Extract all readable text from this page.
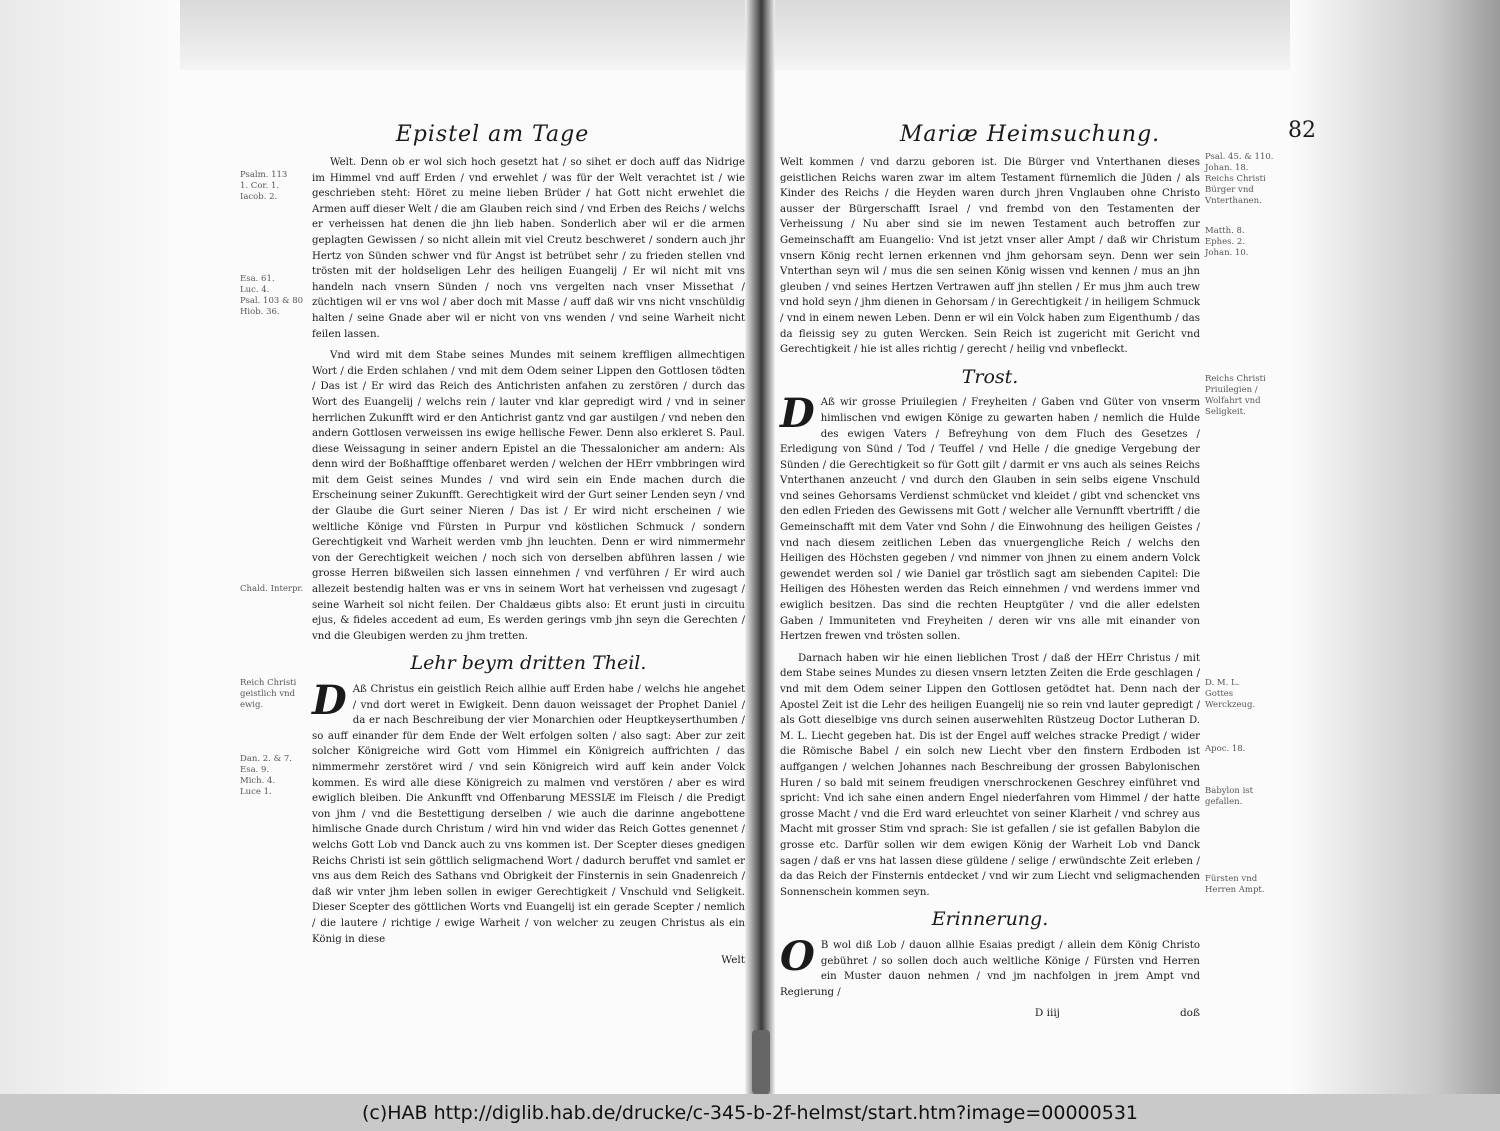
Epistel am Tage
Psalm. 113
1. Cor. 1.
Iacob. 2.
Esa. 61.
Luc. 4.
Psal. 103 & 80
Hiob. 36.
Chald. Interpr.
Reich Christi geistlich vnd ewig.
Dan. 2. & 7.
Esa. 9.
Mich. 4.
Luce 1.

Welt. Denn ob er wol sich hoch gesetzt hat / so sihet er doch auff das Nidrige im Himmel vnd auff Erden / vnd erwehlet / was für der Welt verachtet ist / wie geschrieben steht: Höret zu meine lieben Brüder / hat Gott nicht erwehlet die Armen auff dieser Welt / die am Glauben reich sind / vnd Erben des Reichs / welchs er verheissen hat denen die jhn lieb haben. Sonderlich aber wil er die armen geplagten Gewissen / so nicht allein mit viel Creutz beschweret / sondern auch jhr Hertz von Sünden schwer vnd für Angst ist betrübet sehr / zu frieden stellen vnd trösten mit der holdseligen Lehr des heiligen Euangelij / Er wil nicht mit vns handeln nach vnsern Sünden / noch vns vergelten nach vnser Missethat / züchtigen wil er vns wol / aber doch mit Masse / auff daß wir vns nicht vnschüldig halten / seine Gnade aber wil er nicht von vns wenden / vnd seine Warheit nicht feilen lassen.

Vnd wird mit dem Stabe seines Mundes mit seinem kreffligen allmechtigen Wort / die Erden schlahen / vnd mit dem Odem seiner Lippen den Gottlosen tödten / Das ist / Er wird das Reich des Antichristen anfahen zu zerstören / durch das Wort des Euangelij / welchs rein / lauter vnd klar gepredigt wird / vnd in seiner herrlichen Zukunfft wird er den Antichrist gantz vnd gar austilgen / vnd neben den andern Gottlosen verweissen ins ewige hellische Fewer. Denn also erkleret S. Paul. diese Weissagung in seiner andern Epistel an die Thessalonicher am andern: Als denn wird der Boßhafftige offenbaret werden / welchen der HErr vmbbringen wird mit dem Geist seines Mundes / vnd wird sein ein Ende machen durch die Erscheinung seiner Zukunfft. Gerechtigkeit wird der Gurt seiner Lenden seyn / vnd der Glaube die Gurt seiner Nieren / Das ist / Er wird nicht erscheinen / wie weltliche Könige vnd Fürsten in Purpur vnd köstlichen Schmuck / sondern Gerechtigkeit vnd Warheit werden vmb jhn leuchten. Denn er wird nimmermehr von der Gerechtigkeit weichen / noch sich von derselben abführen lassen / wie grosse Herren bißweilen sich lassen einnehmen / vnd verführen / Er wird auch allezeit bestendig halten was er vns in seinem Wort hat verheissen vnd zugesagt / seine Warheit sol nicht feilen. Der Chaldæus gibts also: Et erunt justi in circuitu ejus, & fideles accedent ad eum, Es werden gerings vmb jhn seyn die Gerechten / vnd die Gleubigen werden zu jhm tretten.

Lehr beym dritten Theil.

D Aß Christus ein geistlich Reich allhie auff Erden habe / welchs hie angehet / vnd dort weret in Ewigkeit. Denn dauon weissaget der Prophet Daniel / da er nach Beschreibung der vier Monarchien oder Heuptkeyserthumben / so auff einander für dem Ende der Welt erfolgen solten / also sagt: Aber zur zeit solcher Königreiche wird Gott vom Himmel ein Königreich auffrichten / das nimmermehr zerstöret wird / vnd sein Königreich wird auff kein ander Volck kommen. Es wird alle diese Königreich zu malmen vnd verstören / aber es wird ewiglich bleiben. Die Ankunfft vnd Offenbarung MESSIÆ im Fleisch / die Predigt von jhm / vnd die Bestettigung derselben / wie auch die darinne angebottene himlische Gnade durch Christum / wird hin vnd wider das Reich Gottes genennet / welchs Gott Lob vnd Danck auch zu vns kommen ist. Der Scepter dieses gnedigen Reichs Christi ist sein göttlich seligmachend Wort / dadurch beruffet vnd samlet er vns aus dem Reich des Sathans vnd Obrigkeit der Finsternis in sein Gnadenreich / daß wir vnter jhm leben sollen in ewiger Gerechtigkeit / Vnschuld vnd Seligkeit. Dieser Scepter des göttlichen Worts vnd Euangelij ist ein gerade Scepter / nemlich / die lautere / richtige / ewige Warheit / von welcher zu zeugen Christus als ein König in diese

Welt
Mariæ Heimsuchung.	82
Psal. 45. & 110.
Johan. 18.
Reichs Christi Bürger vnd Vnterthanen.
Matth. 8.
Ephes. 2.
Johan. 10.
Reichs Christi Priuilegien / Wolfahrt vnd Seligkeit.
D. M. L.
Gottes Werckzeug.
Apoc. 18.
Babylon ist gefallen.
Fürsten vnd Herren Ampt.

Welt kommen / vnd darzu geboren ist. Die Bürger vnd Vnterthanen dieses geistlichen Reichs waren zwar im altem Testament fürnemlich die Jüden / als Kinder des Reichs / die Heyden waren durch jhren Vnglauben ohne Christo ausser der Bürgerschafft Israel / vnd frembd von den Testamenten der Verheissung / Nu aber sind sie im newen Testament auch betroffen zur Gemeinschafft am Euangelio: Vnd ist jetzt vnser aller Ampt / daß wir Christum vnsern König recht lernen erkennen vnd jhm gehorsam seyn. Denn wer sein Vnterthan seyn wil / mus die sen seinen König wissen vnd kennen / mus an jhn gleuben / vnd seines Hertzen Vertrawen auff jhn stellen / Er mus jhm auch trew vnd hold seyn / jhm dienen in Gehorsam / in Gerechtigkeit / in heiligem Schmuck / vnd in einem newen Leben. Denn er wil ein Volck haben zum Eigenthumb / das da fleissig sey zu guten Wercken. Sein Reich ist zugericht mit Gericht vnd Gerechtigkeit / hie ist alles richtig / gerecht / heilig vnd vnbefleckt.

Trost.

D Aß wir grosse Priuilegien / Freyheiten / Gaben vnd Güter von vnserm himlischen vnd ewigen Könige zu gewarten haben / nemlich die Hulde des ewigen Vaters / Befreyhung von dem Fluch des Gesetzes / Erledigung von Sünd / Tod / Teuffel / vnd Helle / die gnedige Vergebung der Sünden / die Gerechtigkeit so für Gott gilt / darmit er vns auch als seines Reichs Vnterthanen anzeucht / vnd durch den Glauben in sein selbs eigene Vnschuld vnd seines Gehorsams Verdienst schmücket vnd kleidet / gibt vnd schencket vns den edlen Frieden des Gewissens mit Gott / welcher alle Vernunfft vbertrifft / die Gemeinschafft mit dem Vater vnd Sohn / die Einwohnung des heiligen Geistes / vnd nach diesem zeitlichen Leben das vnuergengliche Reich / welchs den Heiligen des Höchsten gegeben / vnd nimmer von jhnen zu einem andern Volck gewendet werden sol / wie Daniel gar tröstlich sagt am siebenden Capitel: Die Heiligen des Höhesten werden das Reich einnehmen / vnd werdens immer vnd ewiglich besitzen. Das sind die rechten Heuptgüter / vnd die aller edelsten Gaben / Immuniteten vnd Freyheiten / deren wir vns alle mit einander von Hertzen frewen vnd trösten sollen.

Darnach haben wir hie einen lieblichen Trost / daß der HErr Christus / mit dem Stabe seines Mundes zu diesen vnsern letzten Zeiten die Erde geschlagen / vnd mit dem Odem seiner Lippen den Gottlosen getödtet hat. Denn nach der Apostel Zeit ist die Lehr des heiligen Euangelij nie so rein vnd lauter gepredigt / als Gott dieselbige vns durch seinen auserwehlten Rüstzeug Doctor Lutheran D. M. L. Liecht gegeben hat. Dis ist der Engel auff welches stracke Predigt / wider die Römische Babel / ein solch new Liecht vber den finstern Erdboden ist auffgangen / welchen Johannes nach Beschreibung der grossen Babylonischen Huren / so bald mit seinem freudigen vnerschrockenen Geschrey einführet vnd spricht: Vnd ich sahe einen andern Engel niederfahren vom Himmel / der hatte grosse Macht / vnd die Erd ward erleuchtet von seiner Klarheit / vnd schrey aus Macht mit grosser Stim vnd sprach: Sie ist gefallen / sie ist gefallen Babylon die grosse etc. Darfür sollen wir dem ewigen König der Warheit Lob vnd Danck sagen / daß er vns hat lassen diese güldene / selige / erwündschte Zeit erleben / da das Reich der Finsternis entdecket / vnd wir zum Liecht vnd seligmachenden Sonnenschein kommen seyn.

Erinnerung.

O B wol diß Lob / dauon allhie Esaias predigt / allein dem König Christo gebühret / so sollen doch auch weltliche Könige / Fürsten vnd Herren ein Muster dauon nehmen / vnd jm nachfolgen in jrem Ampt vnd Regierung /

D iiij	doß
(c)HAB http://diglib.hab.de/drucke/c-345-b-2f-helmst/start.htm?image=00000531
